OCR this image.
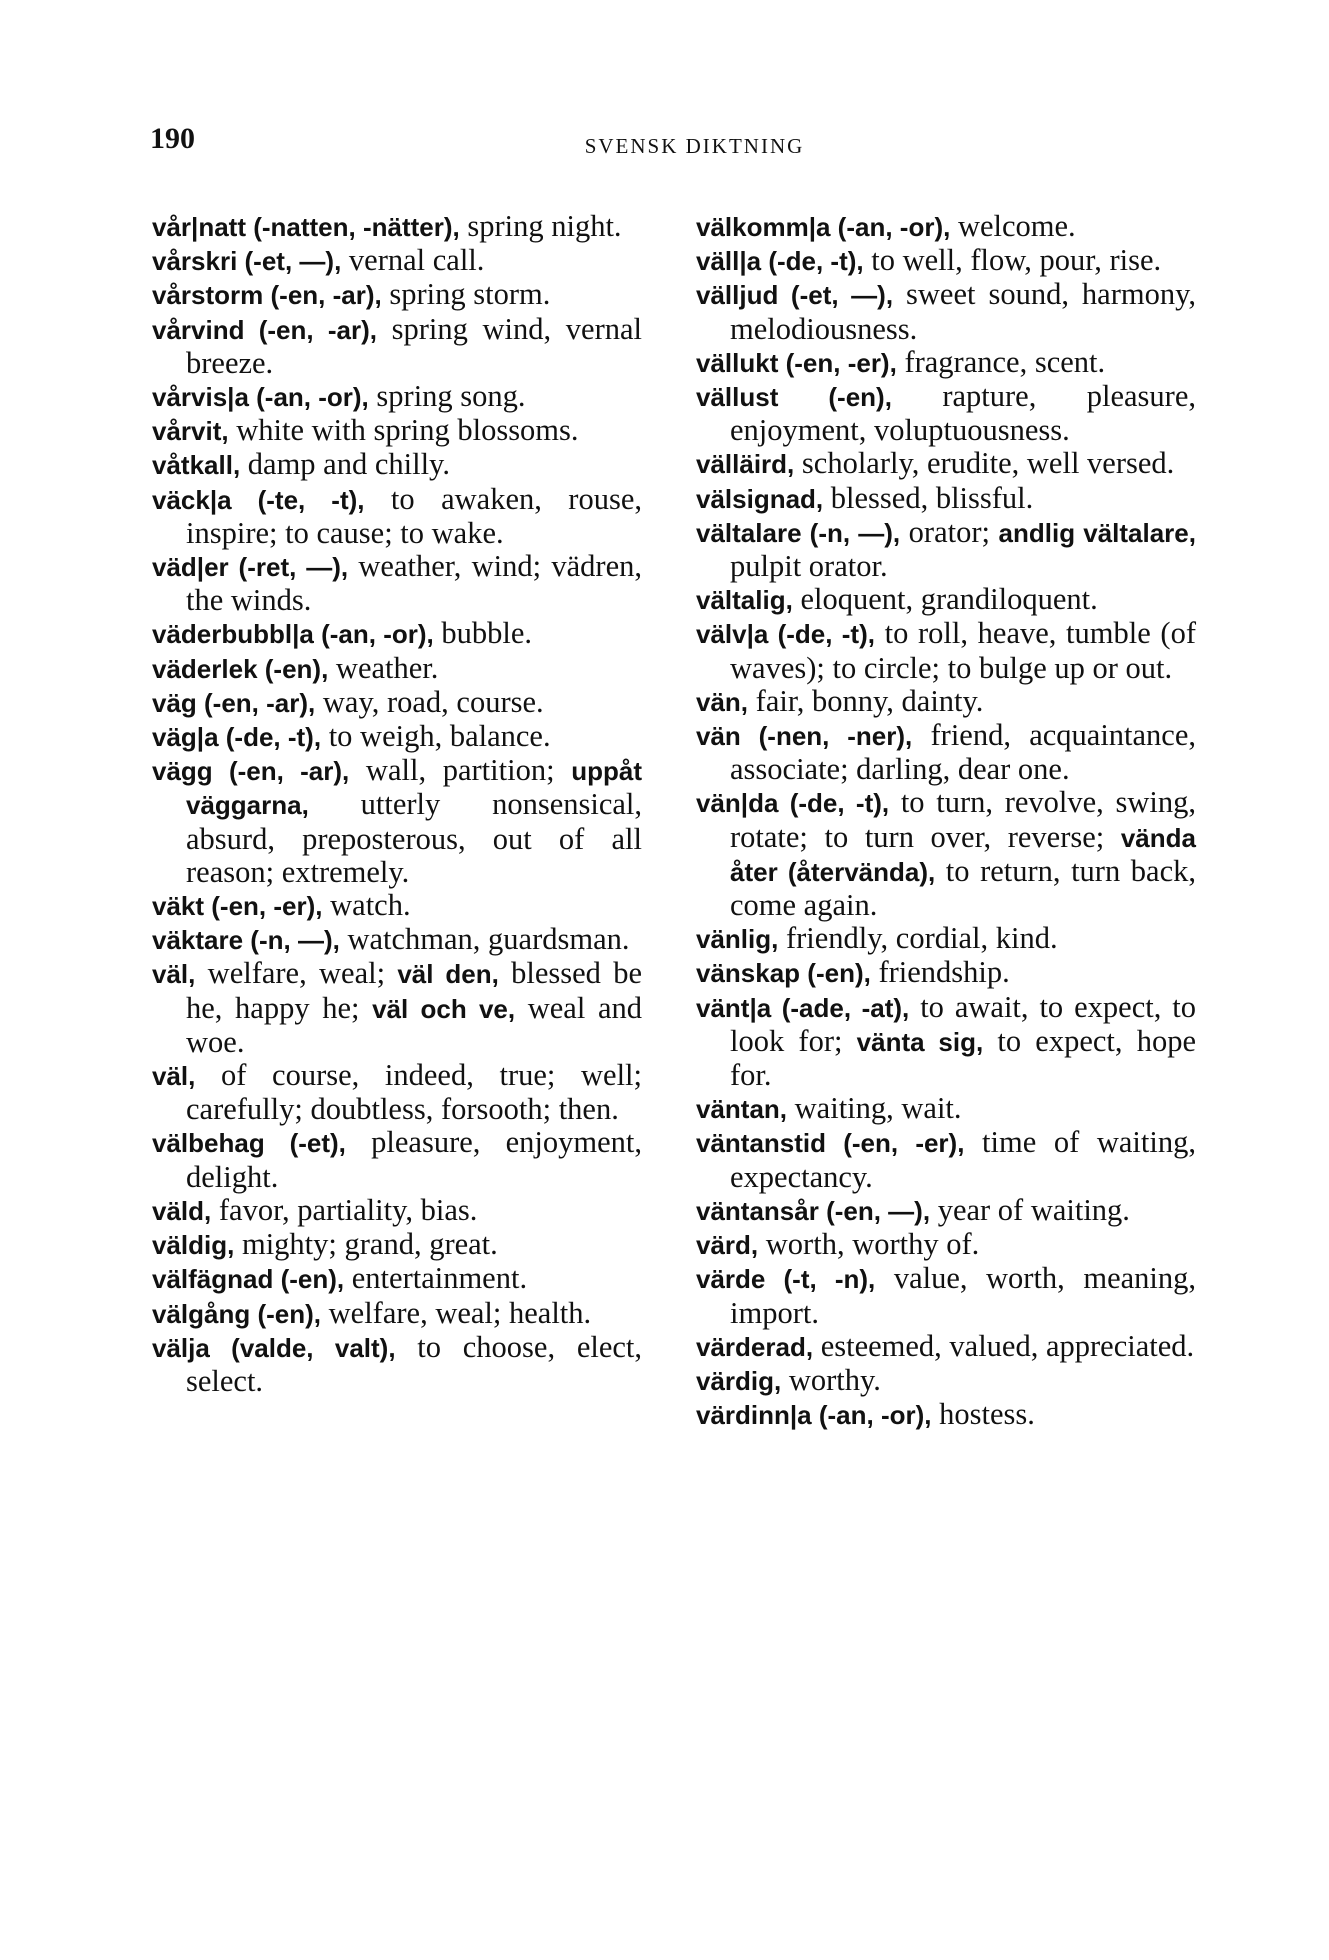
190	SVENSK DIKTNING

vår|natt (-natten, -nätter), spring night.

vårskri (-et, —), vernal call.

vårstorm (-en, -ar), spring storm.

vårvind (-en, -ar), spring wind, vernal breeze.

vårvis|a (-an, -or), spring song.

vårvit, white with spring blossoms.

våtkall, damp and chilly.

väck|a (-te, -t), to awaken, rouse, inspire; to cause; to wake.

väd|er (-ret, —), weather, wind; vädren, the winds.

väderbubbl|a (-an, -or), bubble.

väderlek (-en), weather.

väg (-en, -ar), way, road, course.

väg|a (-de, -t), to weigh, balance.

vägg (-en, -ar), wall, partition; uppåt väggarna, utterly nonsensical, absurd, preposterous, out of all reason; extremely.

väkt (-en, -er), watch.

väktare (-n, —), watchman, guardsman.

väl, welfare, weal; väl den, blessed be he, happy he; väl och ve, weal and woe.

väl, of course, indeed, true; well; carefully; doubtless, forsooth; then.

välbehag (-et), pleasure, enjoyment, delight.

väld, favor, partiality, bias.

väldig, mighty; grand, great.

välfägnad (-en), entertainment.

välgång (-en), welfare, weal; health.

välja (valde, valt), to choose, elect, select.

välkomm|a (-an, -or), welcome.

väll|a (-de, -t), to well, flow, pour, rise.

välljud (-et, —), sweet sound, harmony, melodiousness.

vällukt (-en, -er), fragrance, scent.

vällust (-en), rapture, pleasure, enjoyment, voluptuousness.

välläird, scholarly, erudite, well versed.

välsignad, blessed, blissful.

vältalare (-n, —), orator; andlig vältalare, pulpit orator.

vältalig, eloquent, grandiloquent.

välv|a (-de, -t), to roll, heave, tumble (of waves); to circle; to bulge up or out.

vän, fair, bonny, dainty.

vän (-nen, -ner), friend, acquaintance, associate; darling, dear one.

vän|da (-de, -t), to turn, revolve, swing, rotate; to turn over, reverse; vända åter (återvända), to return, turn back, come again.

vänlig, friendly, cordial, kind.

vänskap (-en), friendship.

vänt|a (-ade, -at), to await, to expect, to look for; vänta sig, to expect, hope for.

väntan, waiting, wait.

väntanstid (-en, -er), time of waiting, expectancy.

väntansår (-en, —), year of waiting.

värd, worth, worthy of.

värde (-t, -n), value, worth, meaning, import.

värderad, esteemed, valued, appreciated.

värdig, worthy.

värdinn|a (-an, -or), hostess.
